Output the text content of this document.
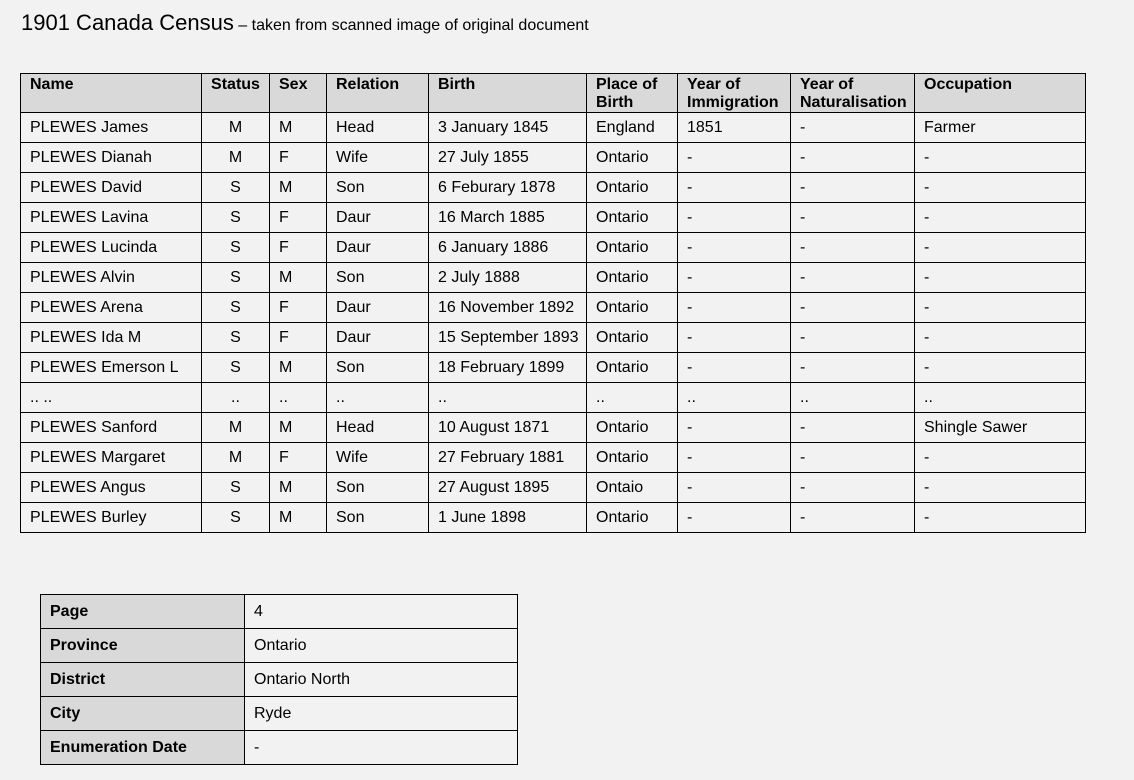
1901 Canada Census – taken from scanned image of original document
Name	Status	Sex	Relation	Birth	Place of Birth	Year of Immigration	Year of Naturalisation	Occupation
PLEWES James	M	M	Head	3 January 1845	England	1851	-	Farmer
PLEWES Dianah	M	F	Wife	27 July 1855	Ontario	-	-	-
PLEWES David	S	M	Son	6 Feburary 1878	Ontario	-	-	-
PLEWES Lavina	S	F	Daur	16 March 1885	Ontario	-	-	-
PLEWES Lucinda	S	F	Daur	6 January 1886	Ontario	-	-	-
PLEWES Alvin	S	M	Son	2 July 1888	Ontario	-	-	-
PLEWES Arena	S	F	Daur	16 November 1892	Ontario	-	-	-
PLEWES Ida M	S	F	Daur	15 September 1893	Ontario	-	-	-
PLEWES Emerson L	S	M	Son	18 February 1899	Ontario	-	-	-
.. ..	..	..	..	..	..	..	..	..
PLEWES Sanford	M	M	Head	10 August 1871	Ontario	-	-	Shingle Sawer
PLEWES Margaret	M	F	Wife	27 February 1881	Ontario	-	-	-
PLEWES Angus	S	M	Son	27 August 1895	Ontaio	-	-	-
PLEWES Burley	S	M	Son	1 June 1898	Ontario	-	-	-
Page	4
Province	Ontario
District	Ontario North
City	Ryde
Enumeration Date	-
